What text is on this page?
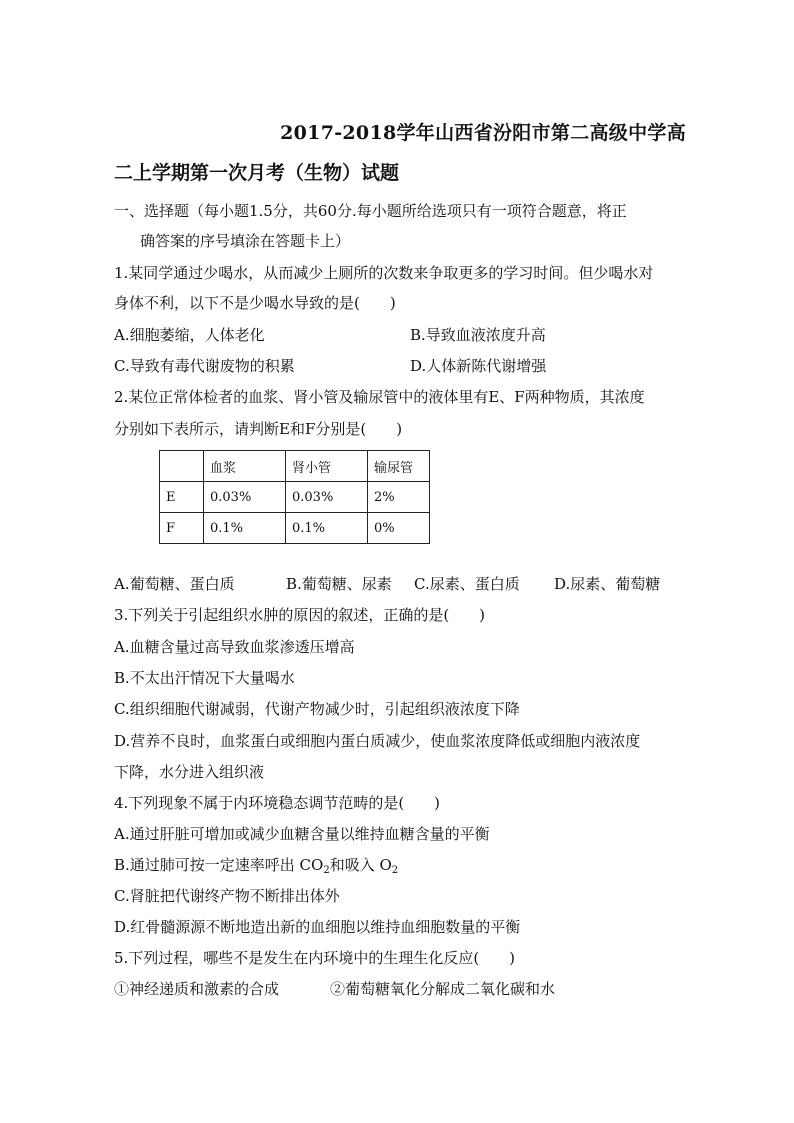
2017-2018学年山西省汾阳市第二高级中学高
二上学期第一次月考（生物）试题
一、选择题（每小题1.5分，共60分.每小题所给选项只有一项符合题意，将正
确答案的序号填涂在答题卡上）
1.某同学通过少喝水，从而减少上厕所的次数来争取更多的学习时间。但少喝水对
身体不利，以下不是少喝水导致的是(　　)
A.细胞萎缩，人体老化	B.导致血液浓度升高
C.导致有毒代谢废物的积累	D.人体新陈代谢增强
2.某位正常体检者的血浆、肾小管及输尿管中的液体里有E、F两种物质，其浓度
分别如下表所示，请判断E和F分别是(　　)
	血浆	肾小管	输尿管
E	0.03%	0.03%	2%
F	0.1%	0.1%	0%
A.葡萄糖、蛋白质	B.葡萄糖、尿素 C.尿素、蛋白质 D.尿素、葡萄糖
3.下列关于引起组织水肿的原因的叙述，正确的是(　　)
A.血糖含量过高导致血浆渗透压增高
B.不太出汗情况下大量喝水
C.组织细胞代谢减弱，代谢产物减少时，引起组织液浓度下降
D.营养不良时，血浆蛋白或细胞内蛋白质减少，使血浆浓度降低或细胞内液浓度
下降，水分进入组织液
4.下列现象不属于内环境稳态调节范畴的是(　　)
A.通过肝脏可增加或减少血糖含量以维持血糖含量的平衡
B.通过肺可按一定速率呼出 $CO_2$和吸入 $O_2$
C.肾脏把代谢终产物不断排出体外
D.红骨髓源源不断地造出新的血细胞以维持血细胞数量的平衡
5.下列过程，哪些不是发生在内环境中的生理生化反应(　　)
①神经递质和激素的合成	②葡萄糖氧化分解成二氧化碳和水
